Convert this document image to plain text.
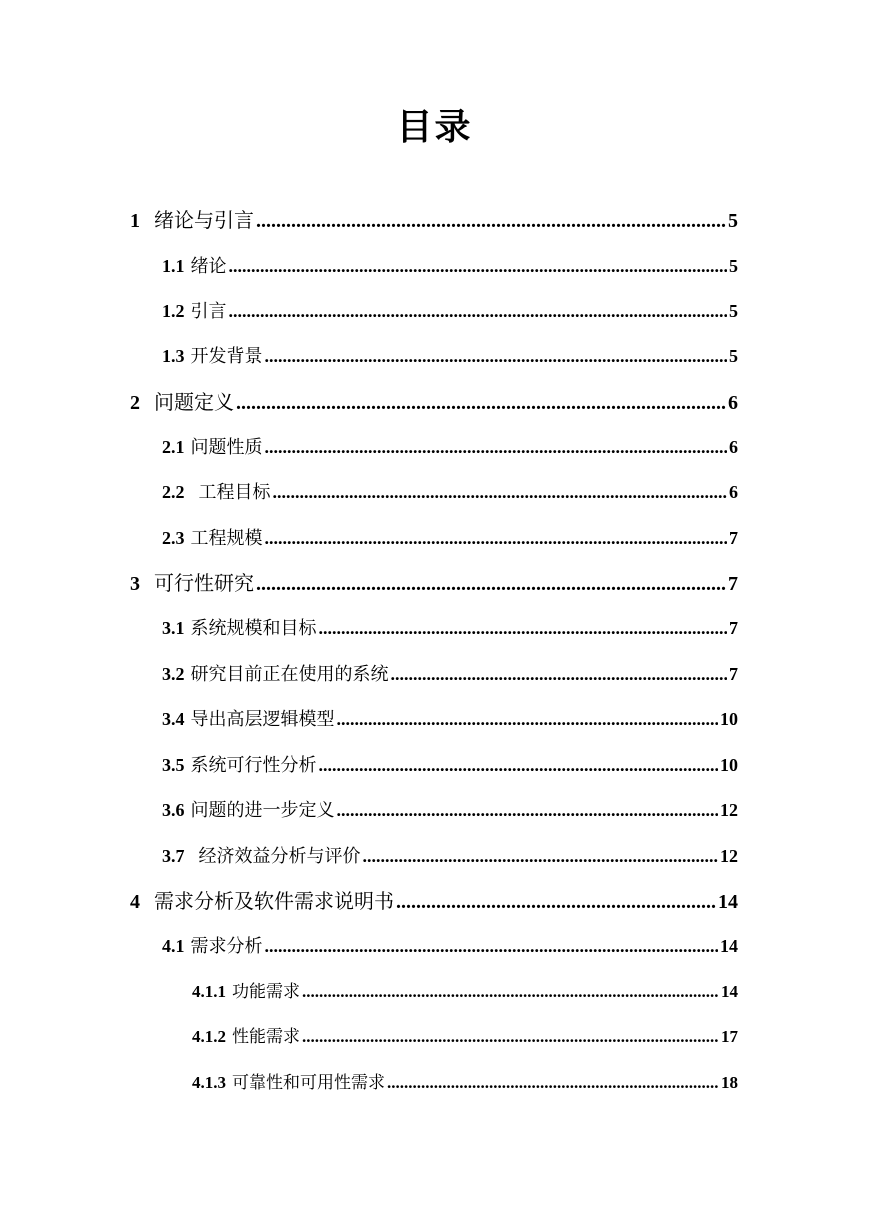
目录
1 绪论与引言 .....	5
1.1 绪论 .....	5
1.2 引言 .....	5
1.3 开发背景 .....	5
2 问题定义 .....	6
2.1 问题性质 .....	6
2.2 工程目标 .....	6
2.3 工程规模 .....	7
3 可行性研究 .....	7
3.1 系统规模和目标 .....	7
3.2 研究目前正在使用的系统 .....	7
3.4 导出高层逻辑模型 .....	10
3.5 系统可行性分析 .....	10
3.6 问题的进一步定义 .....	12
3.7 经济效益分析与评价 .....	12
4 需求分析及软件需求说明书 .....	14
4.1 需求分析 .....	14
4.1.1 功能需求 .....	14
4.1.2 性能需求 .....	17
4.1.3 可靠性和可用性需求 .....	18
